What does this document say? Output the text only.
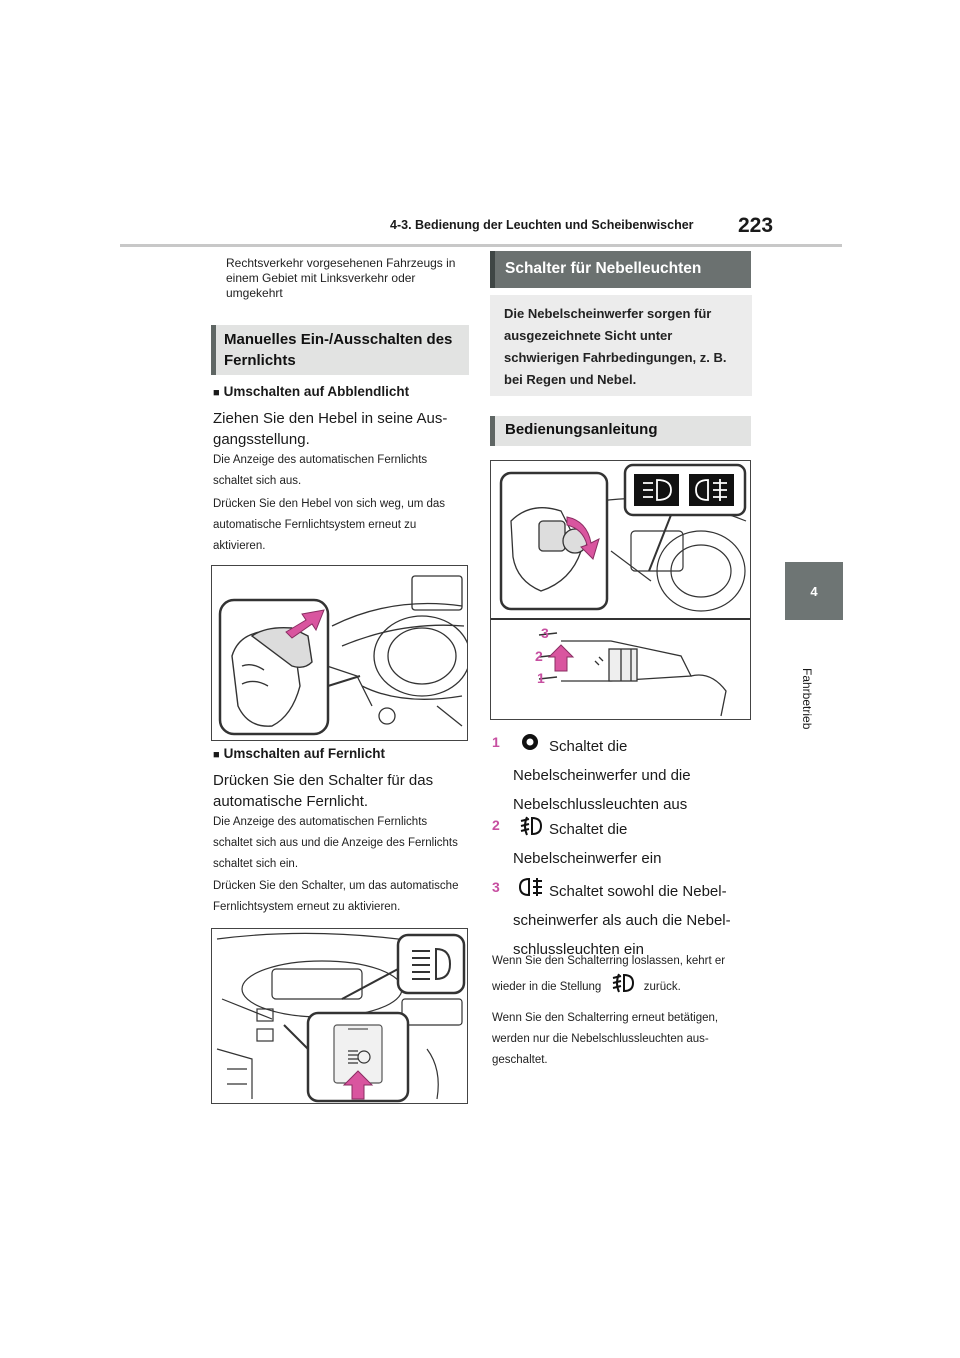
4-3. Bedienung der Leuchten und Scheibenwischer 223
4
Fahrbetrieb
Rechtsverkehr vorgesehenen Fahrzeugs in einem Gebiet mit Linksverkehr oder umgekehrt
Manuelles Ein-/Ausschalten des Fernlichts
■ Umschalten auf Abblendlicht
Ziehen Sie den Hebel in seine Ausgangsstellung.
Die Anzeige des automatischen Fernlichts schaltet sich aus.
Drücken Sie den Hebel von sich weg, um das automatische Fernlichtsystem erneut zu aktivieren.
■ Umschalten auf Fernlicht
Drücken Sie den Schalter für das automatische Fernlicht.
Die Anzeige des automatischen Fernlichts schaltet sich aus und die Anzeige des Fernlichts schaltet sich ein.
Drücken Sie den Schalter, um das automatische Fernlichtsystem erneut zu aktivieren.
Schalter für Nebelleuchten
Die Nebelscheinwerfer sorgen für ausgezeichnete Sicht unter schwierigen Fahrbedingungen, z. B. bei Regen und Nebel.
Bedienungsanleitung
3
2
1
1	Schaltet die Nebelscheinwerfer und die Nebelschlussleuchten aus
2	Schaltet die Nebelscheinwerfer ein
3	Schaltet sowohl die Nebelscheinwerfer als auch die Nebelschlussleuchten ein
Wenn Sie den Schalterring loslassen, kehrt er wieder in die Stellung	zurück.
Wenn Sie den Schalterring erneut betätigen, werden nur die Nebelschlussleuchten ausgeschaltet.
